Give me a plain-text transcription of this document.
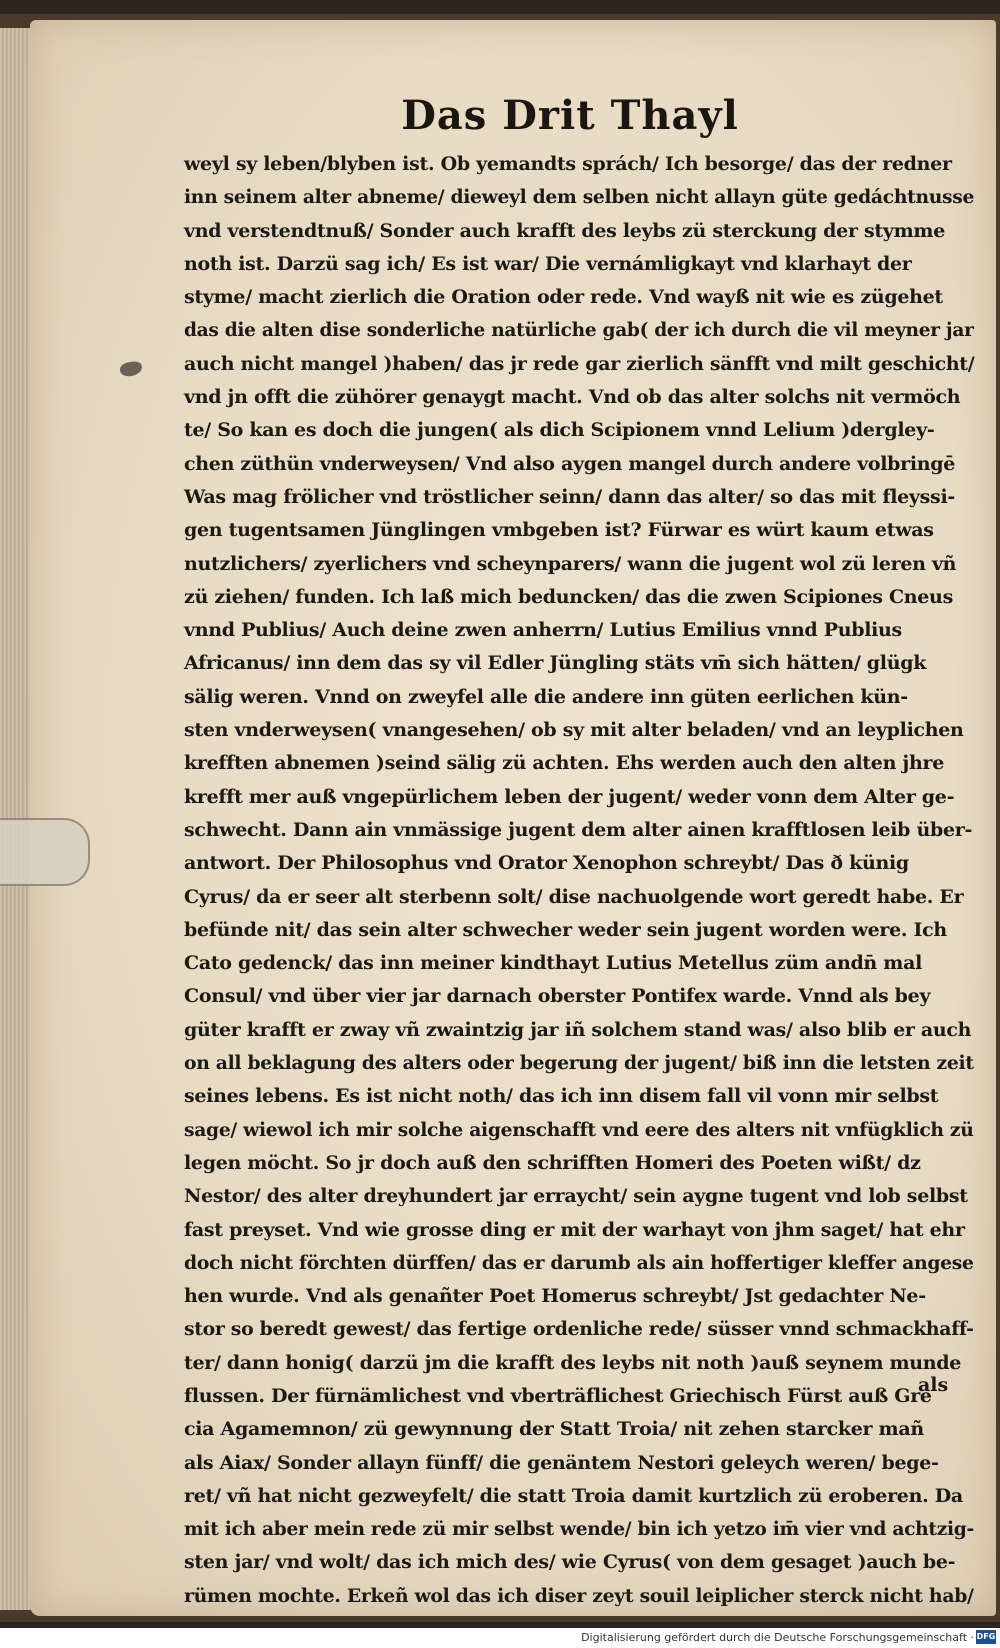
Das Drit Thayl
weyl sy leben/blyben ist. Ob yemandts sprách/ Ich besorge/ das der redner
inn seinem alter abneme/ dieweyl dem selben nicht allayn güte gedáchtnusse
vnd verstendtnuß/ Sonder auch krafft des leybs zü sterckung der stymme
noth ist. Darzü sag ich/ Es ist war/ Die vernámligkayt vnd klarhayt der
styme/ macht zierlich die Oration oder rede. Vnd wayß nit wie es zügehet
das die alten dise sonderliche natürliche gab( der ich durch die vil meyner jar
auch nicht mangel )haben/ das jr rede gar zierlich sänfft vnd milt geschicht/
vnd jn offt die zühörer genaygt macht. Vnd ob das alter solchs nit vermöch
te/ So kan es doch die jungen( als dich Scipionem vnnd Lelium )dergley-
chen züthün vnderweysen/ Vnd also aygen mangel durch andere volbringē
Was mag frölicher vnd tröstlicher seinn/ dann das alter/ so das mit fleyssi-
gen tugentsamen Jünglingen vmbgeben ist? Fürwar es würt kaum etwas
nutzlichers/ zyerlichers vnd scheynparers/ wann die jugent wol zü leren vñ
zü ziehen/ funden. Ich laß mich beduncken/ das die zwen Scipiones Cneus
vnnd Publius/ Auch deine zwen anherrn/ Lutius Emilius vnnd Publius
Africanus/ inn dem das sy vil Edler Jüngling stäts vm̄ sich hätten/ glügk
sälig weren. Vnnd on zweyfel alle die andere inn güten eerlichen kün-
sten vnderweysen( vnangesehen/ ob sy mit alter beladen/ vnd an leyplichen
krefften abnemen )seind sälig zü achten. Ehs werden auch den alten jhre
krefft mer auß vngepürlichem leben der jugent/ weder vonn dem Alter ge-
schwecht. Dann ain vnmässige jugent dem alter ainen krafftlosen leib über-
antwort. Der Philosophus vnd Orator Xenophon schreybt/ Das ð künig
Cyrus/ da er seer alt sterbenn solt/ dise nachuolgende wort geredt habe. Er
befünde nit/ das sein alter schwecher weder sein jugent worden were. Ich
Cato gedenck/ das inn meiner kindthayt Lutius Metellus züm andn̄ mal
Consul/ vnd über vier jar darnach oberster Pontifex warde. Vnnd als bey
güter krafft er zway vñ zwaintzig jar iñ solchem stand was/ also blib er auch
on all beklagung des alters oder begerung der jugent/ biß inn die letsten zeit
seines lebens. Es ist nicht noth/ das ich inn disem fall vil vonn mir selbst
sage/ wiewol ich mir solche aigenschafft vnd eere des alters nit vnfügklich zü
legen möcht. So jr doch auß den schrifften Homeri des Poeten wißt/ dz
Nestor/ des alter dreyhundert jar erraycht/ sein aygne tugent vnd lob selbst
fast preyset. Vnd wie grosse ding er mit der warhayt von jhm saget/ hat ehr
doch nicht förchten dürffen/ das er darumb als ain hoffertiger kleffer angese
hen wurde. Vnd als genañter Poet Homerus schreybt/ Jst gedachter Ne-
stor so beredt gewest/ das fertige ordenliche rede/ süsser vnnd schmackhaff-
ter/ dann honig( darzü jm die krafft des leybs nit noth )auß seynem munde
flussen. Der fürnämlichest vnd vberträflichest Griechisch Fürst auß Gre
cia Agamemnon/ zü gewynnung der Statt Troia/ nit zehen starcker mañ
als Aiax/ Sonder allayn fünff/ die genäntem Nestori geleych weren/ bege-
ret/ vñ hat nicht gezweyfelt/ die statt Troia damit kurtzlich zü eroberen. Da
mit ich aber mein rede zü mir selbst wende/ bin ich yetzo im̄ vier vnd achtzig-
sten jar/ vnd wolt/ das ich mich des/ wie Cyrus( von dem gesaget )auch be-
rümen mochte. Erkeñ wol das ich diser zeyt souil leiplicher sterck nicht hab/
als
Digitalisierung gefördert durch die Deutsche Forschungsgemeinschaft · DFG
